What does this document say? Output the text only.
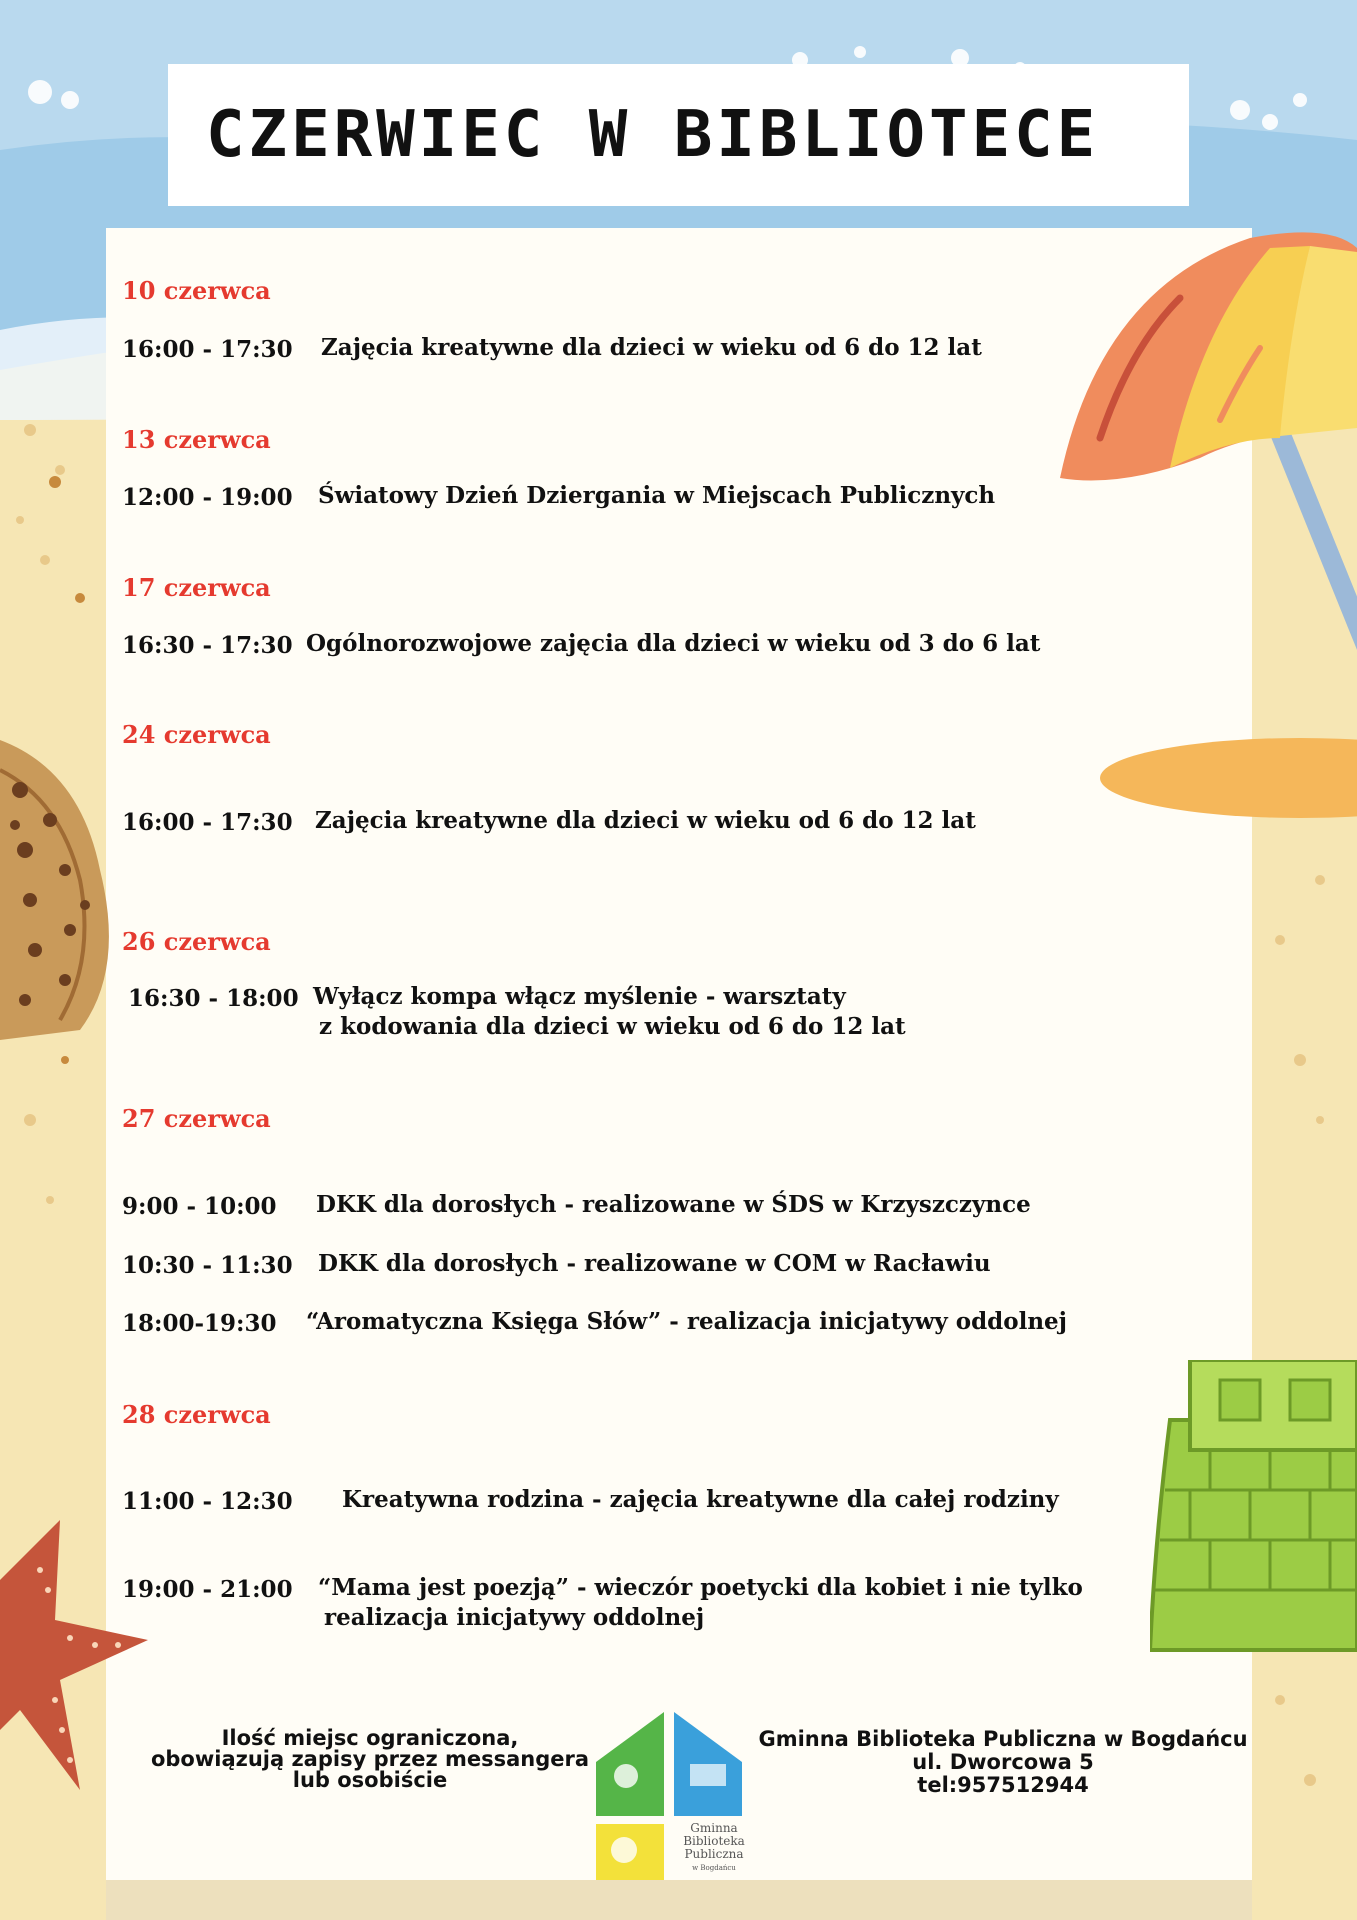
CZERWIEC W BIBLIOTECE
10 czerwca
16:00 - 17:30 Zajęcia kreatywne dla dzieci w wieku od 6 do 12 lat
13 czerwca
12:00 - 19:00 Światowy Dzień Dziergania w Miejscach Publicznych
17 czerwca
16:30 - 17:30 Ogólnorozwojowe zajęcia dla dzieci w wieku od 3 do 6 lat
24 czerwca
16:00 - 17:30 Zajęcia kreatywne dla dzieci w wieku od 6 do 12 lat
26 czerwca
16:30 - 18:00 Wyłącz kompa włącz myślenie - warsztaty
z kodowania dla dzieci w wieku od 6 do 12 lat
27 czerwca
9:00 - 10:00 DKK dla dorosłych - realizowane w ŚDS w Krzyszczynce
10:30 - 11:30 DKK dla dorosłych - realizowane w COM w Racławiu
18:00-19:30 “Aromatyczna Księga Słów” - realizacja inicjatywy oddolnej
28 czerwca
11:00 - 12:30 Kreatywna rodzina - zajęcia kreatywne dla całej rodziny
19:00 - 21:00 “Mama jest poezją” - wieczór poetycki dla kobiet i nie tylko
realizacja inicjatywy oddolnej
Ilość miejsc ograniczona,
obowiązują zapisy przez messangera
lub osobiście
Gminna
Biblioteka
Publiczna
w Bogdańcu
Gminna Biblioteka Publiczna w Bogdańcu
ul. Dworcowa 5
tel:957512944
